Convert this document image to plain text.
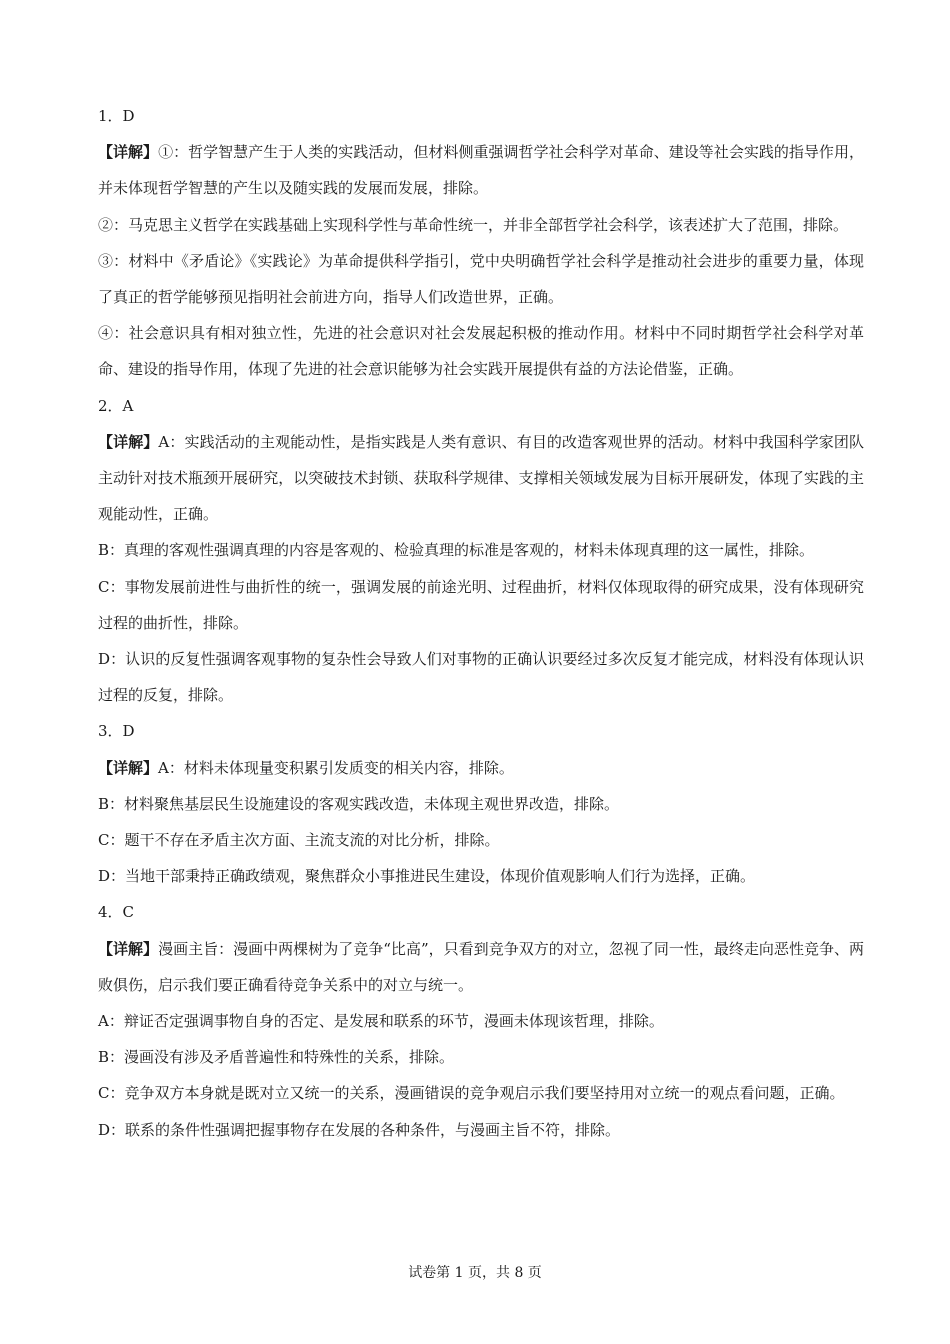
1．D
【详解】①：哲学智慧产生于人类的实践活动，但材料侧重强调哲学社会科学对革命、建设等社会实践的指导作用，并未体现哲学智慧的产生以及随实践的发展而发展，排除。
②：马克思主义哲学在实践基础上实现科学性与革命性统一，并非全部哲学社会科学，该表述扩大了范围，排除。
③：材料中《矛盾论》《实践论》为革命提供科学指引，党中央明确哲学社会科学是推动社会进步的重要力量，体现了真正的哲学能够预见指明社会前进方向，指导人们改造世界，正确。
④：社会意识具有相对独立性，先进的社会意识对社会发展起积极的推动作用。材料中不同时期哲学社会科学对革命、建设的指导作用，体现了先进的社会意识能够为社会实践开展提供有益的方法论借鉴，正确。
2．A
【详解】A：实践活动的主观能动性，是指实践是人类有意识、有目的改造客观世界的活动。材料中我国科学家团队主动针对技术瓶颈开展研究，以突破技术封锁、获取科学规律、支撑相关领域发展为目标开展研发，体现了实践的主观能动性，正确。
B：真理的客观性强调真理的内容是客观的、检验真理的标准是客观的，材料未体现真理的这一属性，排除。
C：事物发展前进性与曲折性的统一，强调发展的前途光明、过程曲折，材料仅体现取得的研究成果，没有体现研究过程的曲折性，排除。
D：认识的反复性强调客观事物的复杂性会导致人们对事物的正确认识要经过多次反复才能完成，材料没有体现认识过程的反复，排除。
3．D
【详解】A：材料未体现量变积累引发质变的相关内容，排除。
B：材料聚焦基层民生设施建设的客观实践改造，未体现主观世界改造，排除。
C：题干不存在矛盾主次方面、主流支流的对比分析，排除。
D：当地干部秉持正确政绩观，聚焦群众小事推进民生建设，体现价值观影响人们行为选择，正确。
4．C
【详解】漫画主旨：漫画中两棵树为了竞争“比高”，只看到竞争双方的对立，忽视了同一性，最终走向恶性竞争、两败俱伤，启示我们要正确看待竞争关系中的对立与统一。
A：辩证否定强调事物自身的否定、是发展和联系的环节，漫画未体现该哲理，排除。
B：漫画没有涉及矛盾普遍性和特殊性的关系，排除。
C：竞争双方本身就是既对立又统一的关系，漫画错误的竞争观启示我们要坚持用对立统一的观点看问题，正确。
D：联系的条件性强调把握事物存在发展的各种条件，与漫画主旨不符，排除。
试卷第 1 页，共 8 页
